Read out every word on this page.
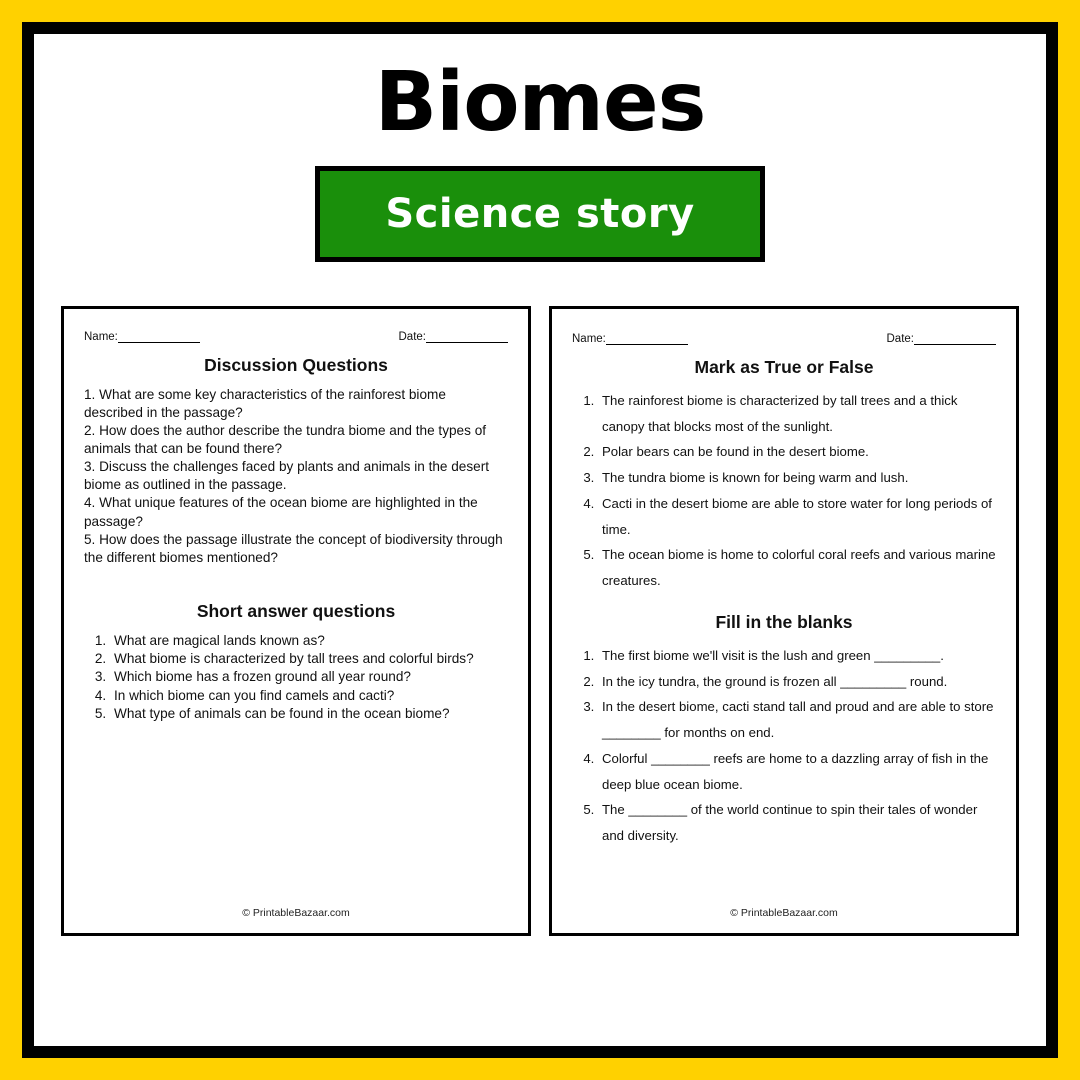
Biomes
Science story
Name:	Date:
Discussion Questions
1. What are some key characteristics of the rainforest biome described in the passage?
2. How does the author describe the tundra biome and the types of animals that can be found there?
3. Discuss the challenges faced by plants and animals in the desert biome as outlined in the passage.
4. What unique features of the ocean biome are highlighted in the passage?
5. How does the passage illustrate the concept of biodiversity through the different biomes mentioned?
Short answer questions
1. What are magical lands known as?
2. What biome is characterized by tall trees and colorful birds?
3. Which biome has a frozen ground all year round?
4. In which biome can you find camels and cacti?
5. What type of animals can be found in the ocean biome?
© PrintableBazaar.com
Name:	Date:
Mark as True or False
1. The rainforest biome is characterized by tall trees and a thick canopy that blocks most of the sunlight.
2. Polar bears can be found in the desert biome.
3. The tundra biome is known for being warm and lush.
4. Cacti in the desert biome are able to store water for long periods of time.
5. The ocean biome is home to colorful coral reefs and various marine creatures.
Fill in the blanks
1. The first biome we'll visit is the lush and green _________.
2. In the icy tundra, the ground is frozen all _________ round.
3. In the desert biome, cacti stand tall and proud and are able to store ________ for months on end.
4. Colorful ________ reefs are home to a dazzling array of fish in the deep blue ocean biome.
5. The ________ of the world continue to spin their tales of wonder and diversity.
© PrintableBazaar.com
